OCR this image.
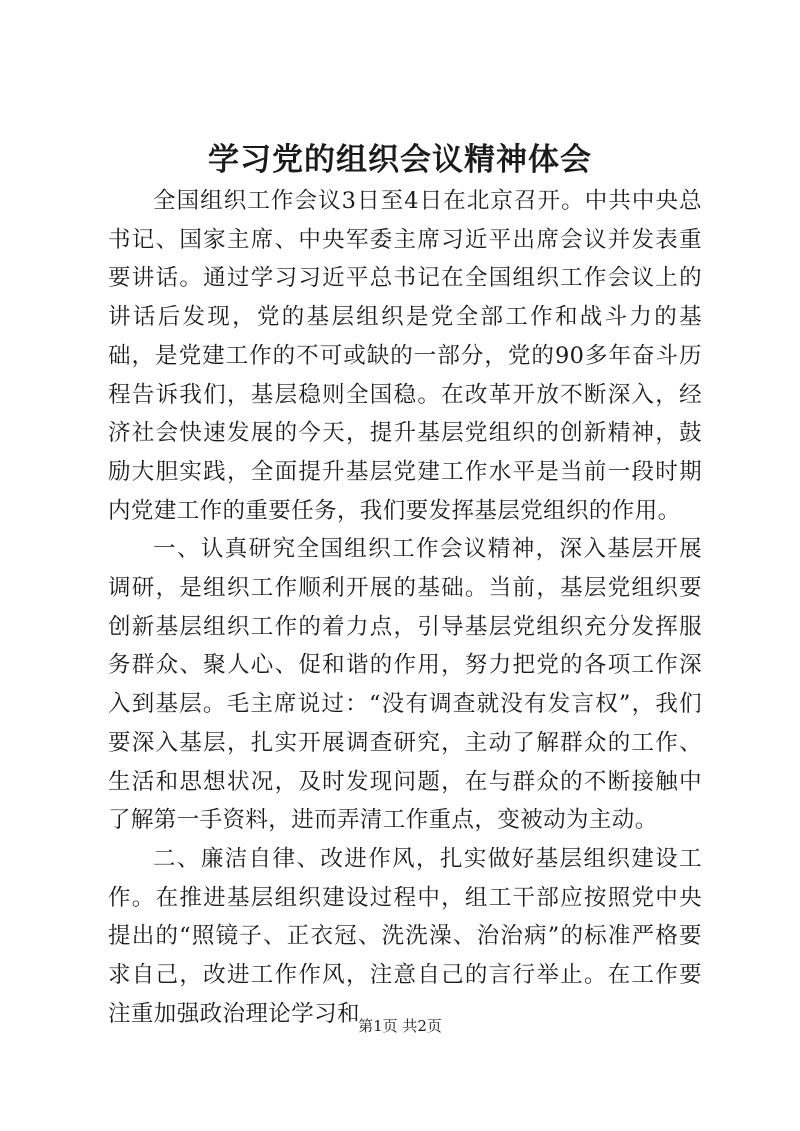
学习党的组织会议精神体会

全国组织工作会议3日至4日在北京召开。中共中央总书记、国家主席、中央军委主席习近平出席会议并发表重要讲话。通过学习习近平总书记在全国组织工作会议上的讲话后发现，党的基层组织是党全部工作和战斗力的基础，是党建工作的不可或缺的一部分，党的90多年奋斗历程告诉我们，基层稳则全国稳。在改革开放不断深入，经济社会快速发展的今天，提升基层党组织的创新精神，鼓励大胆实践，全面提升基层党建工作水平是当前一段时期内党建工作的重要任务，我们要发挥基层党组织的作用。

一、认真研究全国组织工作会议精神，深入基层开展调研，是组织工作顺利开展的基础。当前，基层党组织要创新基层组织工作的着力点，引导基层党组织充分发挥服务群众、聚人心、促和谐的作用，努力把党的各项工作深入到基层。毛主席说过：“没有调查就没有发言权”，我们要深入基层，扎实开展调查研究，主动了解群众的工作、生活和思想状况，及时发现问题，在与群众的不断接触中了解第一手资料，进而弄清工作重点，变被动为主动。

二、廉洁自律、改进作风，扎实做好基层组织建设工作。在推进基层组织建设过程中，组工干部应按照党中央提出的“照镜子、正衣冠、洗洗澡、治治病”的标准严格要求自己，改进工作作风，注意自己的言行举止。在工作要注重加强政治理论学习和

第1页 共2页
